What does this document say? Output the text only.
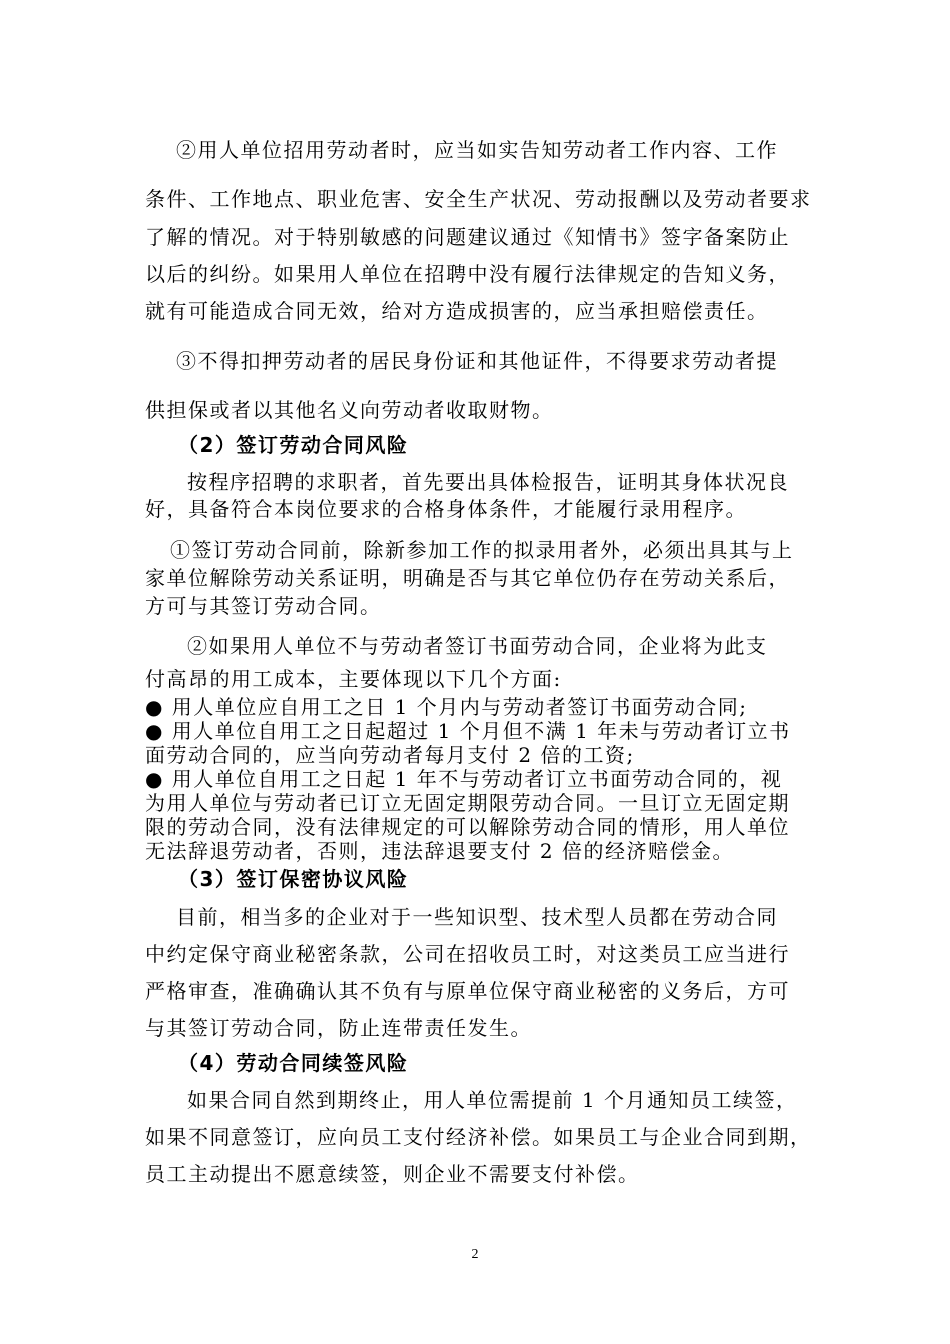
②用人单位招用劳动者时，应当如实告知劳动者工作内容、工作
条件、工作地点、职业危害、安全生产状况、劳动报酬以及劳动者要求
了解的情况。对于特别敏感的问题建议通过《知情书》签字备案防止
以后的纠纷。如果用人单位在招聘中没有履行法律规定的告知义务，
就有可能造成合同无效，给对方造成损害的，应当承担赔偿责任。
③不得扣押劳动者的居民身份证和其他证件，不得要求劳动者提
供担保或者以其他名义向劳动者收取财物。
（2）签订劳动合同风险
按程序招聘的求职者，首先要出具体检报告，证明其身体状况良
好，具备符合本岗位要求的合格身体条件，才能履行录用程序。
①签订劳动合同前，除新参加工作的拟录用者外，必须出具其与上
家单位解除劳动关系证明，明确是否与其它单位仍存在劳动关系后，
方可与其签订劳动合同。
②如果用人单位不与劳动者签订书面劳动合同，企业将为此支
付高昂的用工成本，主要体现以下几个方面:
● 用人单位应自用工之日 1 个月内与劳动者签订书面劳动合同;
● 用人单位自用工之日起超过 1 个月但不满 1 年未与劳动者订立书
面劳动合同的，应当向劳动者每月支付 2 倍的工资;
● 用人单位自用工之日起 1 年不与劳动者订立书面劳动合同的，视
为用人单位与劳动者已订立无固定期限劳动合同。一旦订立无固定期
限的劳动合同，没有法律规定的可以解除劳动合同的情形，用人单位
无法辞退劳动者，否则，违法辞退要支付 2 倍的经济赔偿金。
（3）签订保密协议风险
目前，相当多的企业对于一些知识型、技术型人员都在劳动合同
中约定保守商业秘密条款，公司在招收员工时，对这类员工应当进行
严格审查，准确确认其不负有与原单位保守商业秘密的义务后，方可
与其签订劳动合同，防止连带责任发生。
（4）劳动合同续签风险
如果合同自然到期终止，用人单位需提前 1 个月通知员工续签，
如果不同意签订，应向员工支付经济补偿。如果员工与企业合同到期，
员工主动提出不愿意续签，则企业不需要支付补偿。
2
